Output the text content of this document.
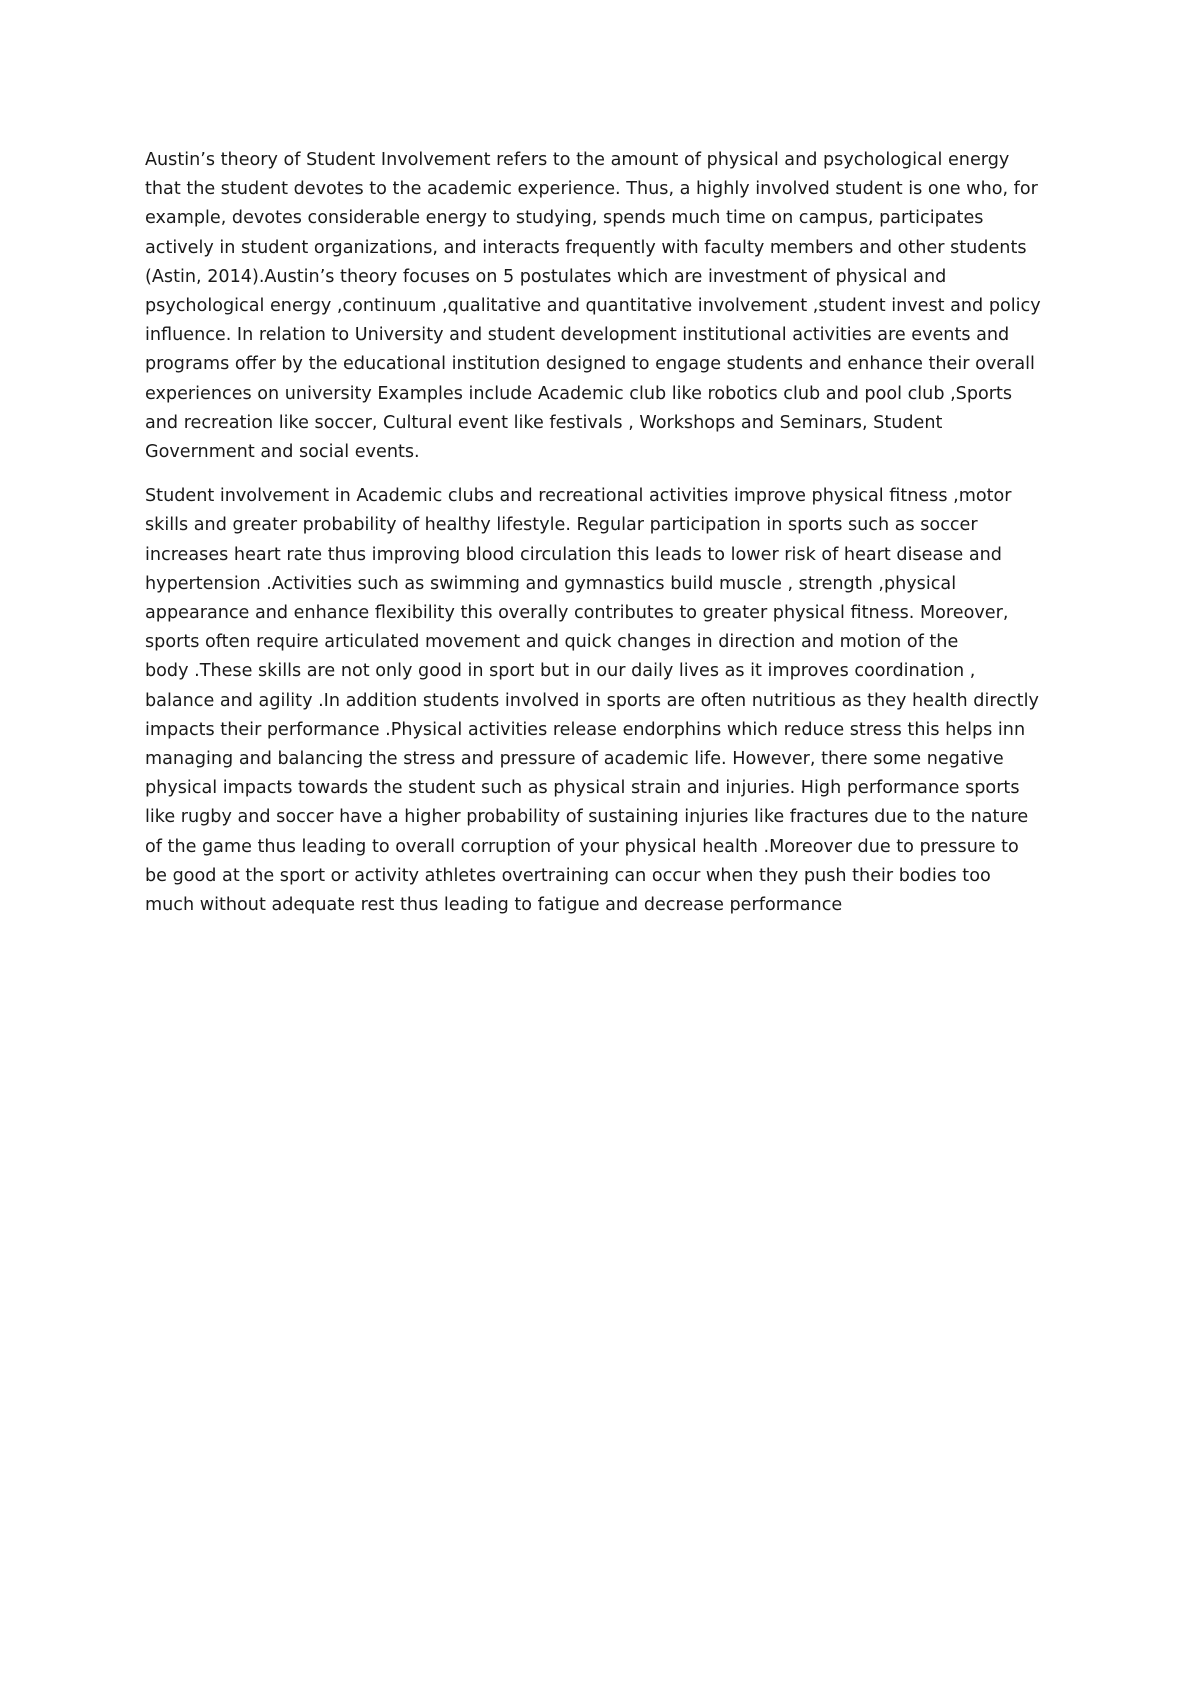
Austin’s theory of Student Involvement refers to the amount of physical and psychological energy
that the student devotes to the academic experience. Thus, a highly involved student is one who, for
example, devotes considerable energy to studying, spends much time on campus, participates
actively in student organizations, and interacts frequently with faculty members and other students
(Astin, 2014).Austin’s theory focuses on 5 postulates which are investment of physical and
psychological energy ,continuum ,qualitative and quantitative involvement ,student invest and policy
influence. In relation to University and student development institutional activities are events and
programs offer by the educational institution designed to engage students and enhance their overall
experiences on university Examples include Academic club like robotics club and pool club ,Sports
and recreation like soccer, Cultural event like festivals , Workshops and Seminars, Student
Government and social events.

Student involvement in Academic clubs and recreational activities improve physical fitness ,motor
skills and greater probability of healthy lifestyle. Regular participation in sports such as soccer
increases heart rate thus improving blood circulation this leads to lower risk of heart disease and
hypertension .Activities such as swimming and gymnastics build muscle , strength ,physical
appearance and enhance flexibility this overally contributes to greater physical fitness. Moreover,
sports often require articulated movement and quick changes in direction and motion of the
body .These skills are not only good in sport but in our daily lives as it improves coordination ,
balance and agility .In addition students involved in sports are often nutritious as they health directly
impacts their performance .Physical activities release endorphins which reduce stress this helps inn
managing and balancing the stress and pressure of academic life. However, there some negative
physical impacts towards the student such as physical strain and injuries. High performance sports
like rugby and soccer have a higher probability of sustaining injuries like fractures due to the nature
of the game thus leading to overall corruption of your physical health .Moreover due to pressure to
be good at the sport or activity athletes overtraining can occur when they push their bodies too
much without adequate rest thus leading to fatigue and decrease performance
